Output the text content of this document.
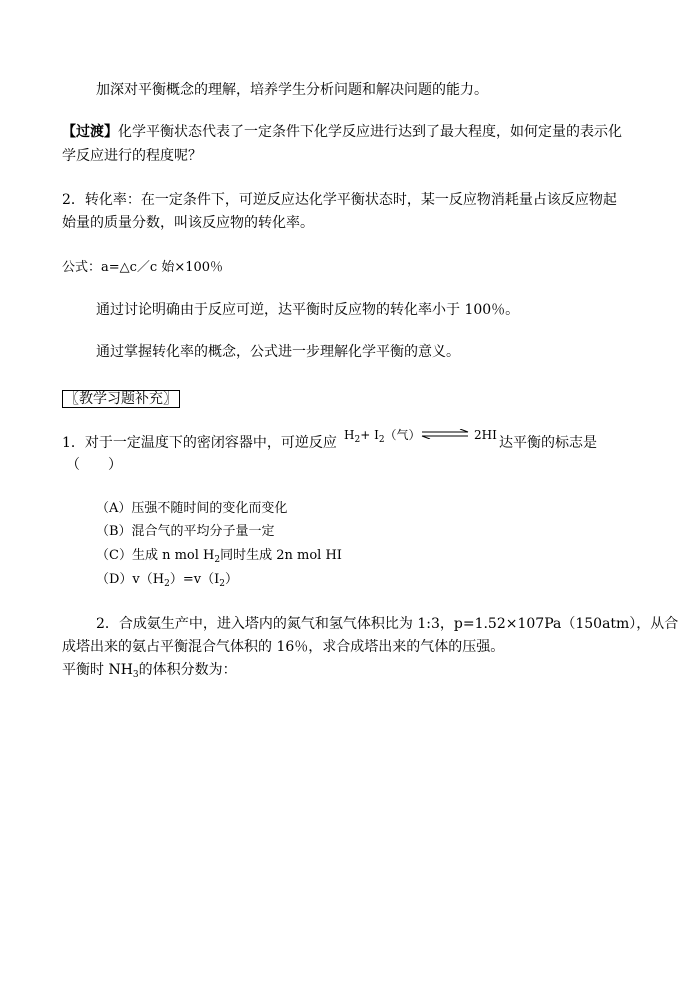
加深对平衡概念的理解，培养学生分析问题和解决问题的能力。
【过渡】化学平衡状态代表了一定条件下化学反应进行达到了最大程度，如何定量的表示化
学反应进行的程度呢？
2．转化率：在一定条件下，可逆反应达化学平衡状态时，某一反应物消耗量占该反应物起
始量的质量分数，叫该反应物的转化率。
公式：a=△c／c 始×100％
通过讨论明确由于反应可逆，达平衡时反应物的转化率小于 100％。
通过掌握转化率的概念，公式进一步理解化学平衡的意义。
〖教学习题补充〗
1．对于一定温度下的密闭容器中，可逆反应 $H_2+ I_2$（气） ⇌ 2HI 达平衡的标志是
（　　）
（A）压强不随时间的变化而变化
（B）混合气的平均分子量一定
（C）生成 n mol $H_2$同时生成 2n mol HI
$(D)v(H_2)=v(I_2)$
2．合成氨生产中，进入塔内的氮气和氢气体积比为 1:3，p=1.52×107Pa（150atm），从合
成塔出来的氨占平衡混合气体积的 16％，求合成塔出来的气体的压强。
平衡时 $NH_3$的体积分数为：
